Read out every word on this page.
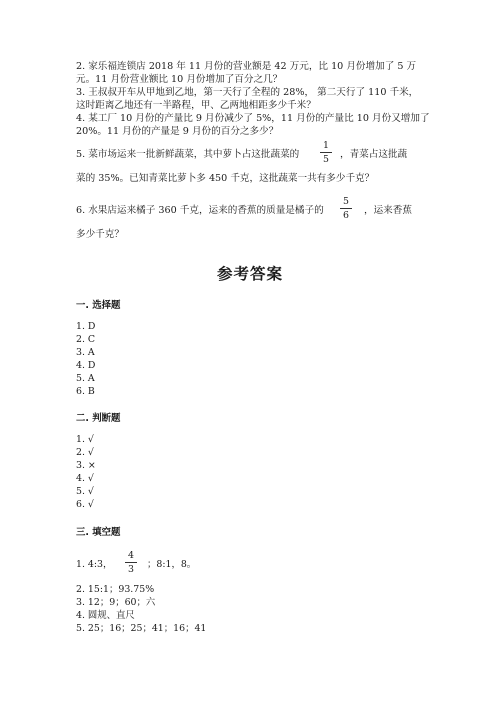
2. 家乐福连锁店 2018 年 11 月份的营业额是 42 万元，比 10 月份增加了 5 万
元。11 月份营业额比 10 月份增加了百分之几？
3. 王叔叔开车从甲地到乙地，第一天行了全程的 28%， 第二天行了 110 千米，
这时距离乙地还有一半路程，甲、乙两地相距多少千米？
4. 某工厂 10 月份的产量比 9 月份减少了 5%，11 月份的产量比 10 月份又增加了
20%。11 月份的产量是 9 月份的百分之多少？
5. 菜市场运来一批新鲜蔬菜，其中萝卜占这批蔬菜的
1
5	，青菜占这批蔬
菜的 35%。已知青菜比萝卜多 450 千克，这批蔬菜一共有多少千克？
6. 水果店运来橘子 360 千克，运来的香蕉的质量是橘子的
5
6	，运来香蕉
多少千克？
参考答案
一. 选择题
1. D
2. C
3. A
4. D
5. A
6. B
二. 判断题
1. √
2. √
3. ×
4. √
5. √
6. √
三. 填空题
1. 4:3，
4
3	；8:1，8。
2. 15:1；93.75%
3. 12；9；60；六
4. 圆规、直尺
5. 25；16；25；41；16；41
